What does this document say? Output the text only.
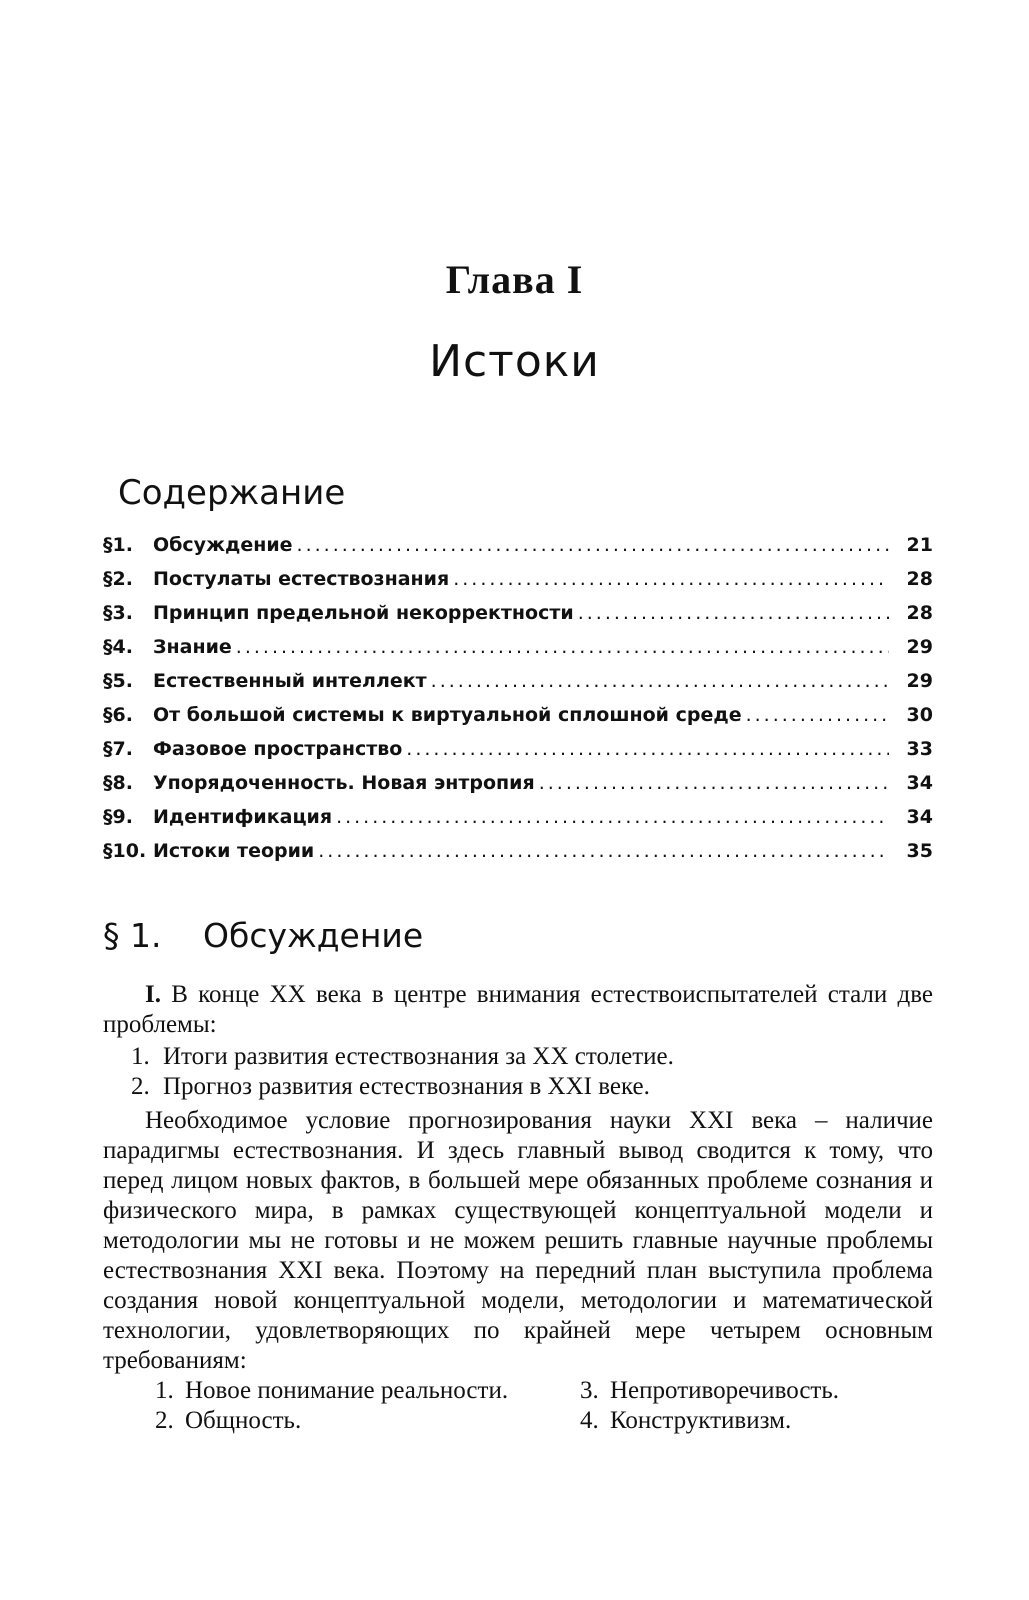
Глава I
Истоки
Содержание
§1.	Обсуждение .....	21
§2.	Постулаты естествознания .....	28
§3.	Принцип предельной некорректности .....	28
§4.	Знание .....	29
§5.	Естественный интеллект .....	29
§6.	От большой системы к виртуальной сплошной среде .....	30
§7.	Фазовое пространство .....	33
§8.	Упорядоченность. Новая энтропия .....	34
§9.	Идентификация .....	34
§10. Истоки теории .....	35
§ 1. Обсуждение

I. В конце XX века в центре внимания естествоиспытателей стали две проблемы:

1. Итоги развития естествознания за XX столетие.
2. Прогноз развития естествознания в XXI веке.

Необходимое условие прогнозирования науки XXI века – наличие парадигмы естествознания. И здесь главный вывод сводится к тому, что перед лицом новых фактов, в большей мере обязанных проблеме сознания и физического мира, в рамках существующей концептуальной модели и методологии мы не готовы и не можем решить главные научные проблемы естествознания XXI века. Поэтому на передний план выступила проблема создания новой концептуальной модели, методологии и математической технологии, удовлетворяющих по крайней мере четырем основным требованиям:

1. Новое понимание реальности.	3. Непротиворечивость.
2. Общность.	4. Конструктивизм.
